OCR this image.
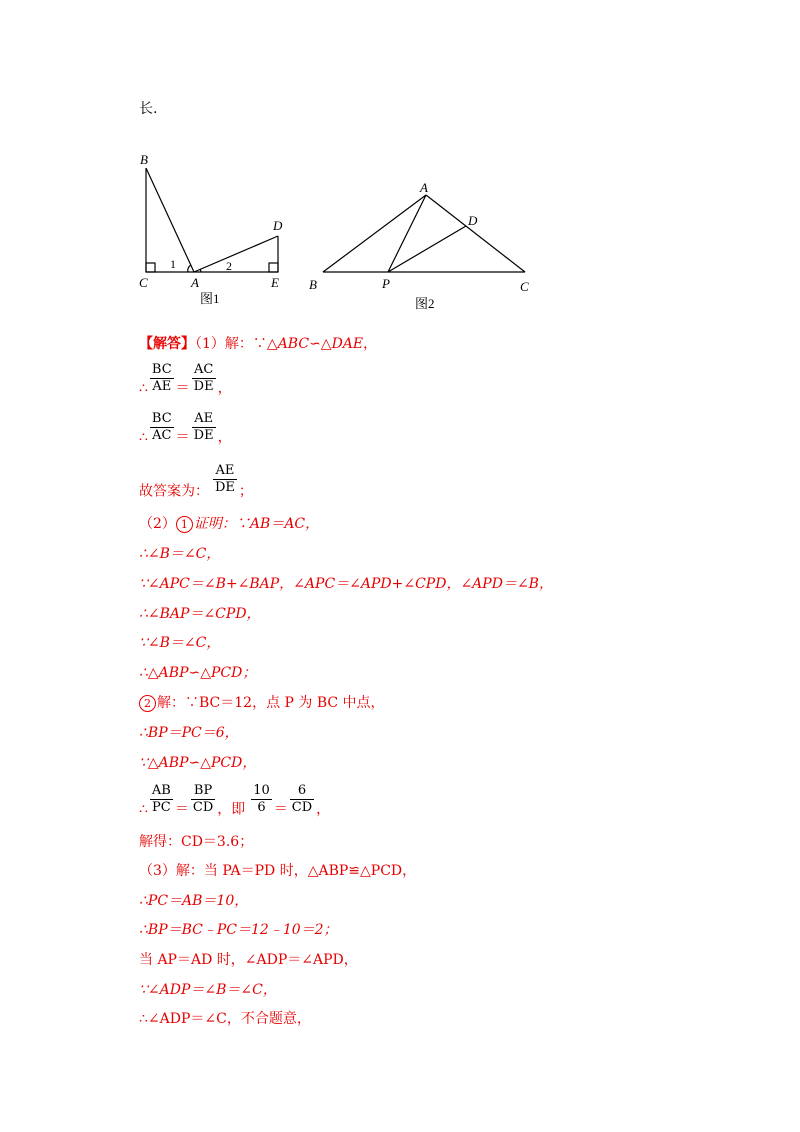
长.
B
C	A
D
E
1	2
图1
A
D
B	P	C
图2
【解答】（1）解：∵△ABC∽△DAE，
∴ $\frac{BC}{AE} = \frac{AC}{DE}$ ，
∴ $\frac{BC}{AC} = \frac{AE}{DE}$ ，
故答案为： $\frac{AE}{DE}$ ；
（2） 1 证明：∵AB＝AC，
∴∠B＝∠C，
∵∠APC＝∠B+∠BAP，∠APC＝∠APD+∠CPD，∠APD＝∠B，
∴∠BAP＝∠CPD，
∵∠B＝∠C，
∴△ABP∽△PCD；
2 解：∵BC＝12，点 P 为 BC 中点，
∴BP＝PC＝6，
∵△ABP∽△PCD，
∴ $\frac{AB}{PC} = \frac{BP}{CD}$ ，即 $\frac{10}{6} = \frac{6}{CD}$ ，
解得：CD＝3.6；
（3）解：当 PA＝PD 时，△ABP≌△PCD，
∴PC＝AB＝10，
∴BP＝BC﹣PC＝12﹣10＝2；
当 AP＝AD 时，∠ADP＝∠APD，
∵∠ADP＝∠B＝∠C，
∴∠ADP＝∠C，不合题意，
